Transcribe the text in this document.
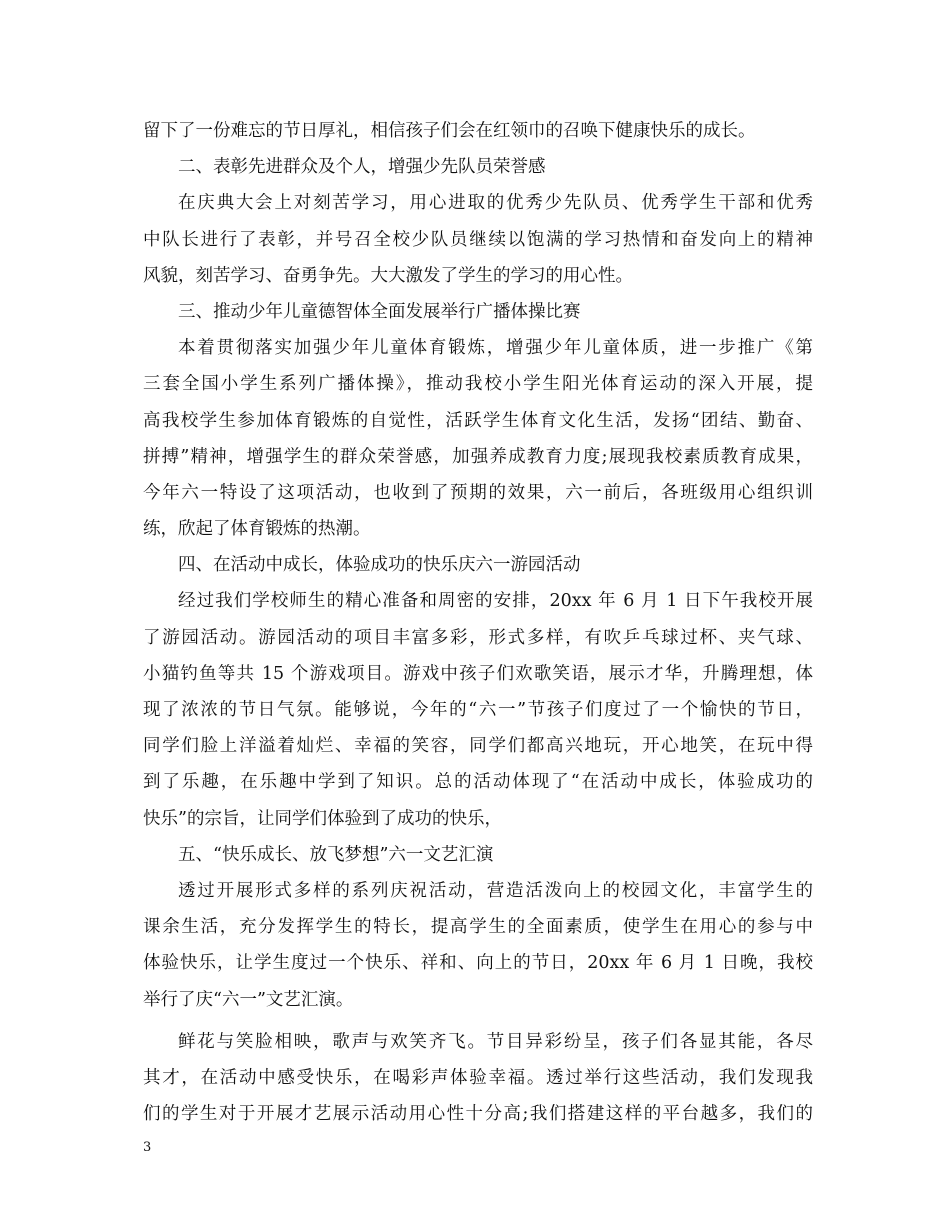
留下了一份难忘的节日厚礼，相信孩子们会在红领巾的召唤下健康快乐的成长。
二、表彰先进群众及个人，增强少先队员荣誉感
在庆典大会上对刻苦学习，用心进取的优秀少先队员、优秀学生干部和优秀
中队长进行了表彰，并号召全校少队员继续以饱满的学习热情和奋发向上的精神
风貌，刻苦学习、奋勇争先。大大激发了学生的学习的用心性。
三、推动少年儿童德智体全面发展举行广播体操比赛
本着贯彻落实加强少年儿童体育锻炼，增强少年儿童体质，进一步推广《第
三套全国小学生系列广播体操》，推动我校小学生阳光体育运动的深入开展，提
高我校学生参加体育锻炼的自觉性，活跃学生体育文化生活，发扬“团结、勤奋、
拼搏”精神，增强学生的群众荣誉感，加强养成教育力度;展现我校素质教育成果，
今年六一特设了这项活动，也收到了预期的效果，六一前后，各班级用心组织训
练，欣起了体育锻炼的热潮。
四、在活动中成长，体验成功的快乐庆六一游园活动
经过我们学校师生的精心准备和周密的安排，20xx 年 6 月 1 日下午我校开展
了游园活动。游园活动的项目丰富多彩，形式多样，有吹乒乓球过杯、夹气球、
小猫钓鱼等共 15 个游戏项目。游戏中孩子们欢歌笑语，展示才华，升腾理想，体
现了浓浓的节日气氛。能够说，今年的“六一”节孩子们度过了一个愉快的节日，
同学们脸上洋溢着灿烂、幸福的笑容，同学们都高兴地玩，开心地笑，在玩中得
到了乐趣，在乐趣中学到了知识。总的活动体现了“在活动中成长，体验成功的
快乐”的宗旨，让同学们体验到了成功的快乐，
五、“快乐成长、放飞梦想”六一文艺汇演
透过开展形式多样的系列庆祝活动，营造活泼向上的校园文化，丰富学生的
课余生活，充分发挥学生的特长，提高学生的全面素质，使学生在用心的参与中
体验快乐，让学生度过一个快乐、祥和、向上的节日，20xx 年 6 月 1 日晚，我校
举行了庆“六一”文艺汇演。
鲜花与笑脸相映，歌声与欢笑齐飞。节目异彩纷呈，孩子们各显其能，各尽
其才，在活动中感受快乐，在喝彩声体验幸福。透过举行这些活动，我们发现我
们的学生对于开展才艺展示活动用心性十分高;我们搭建这样的平台越多，我们的
3
